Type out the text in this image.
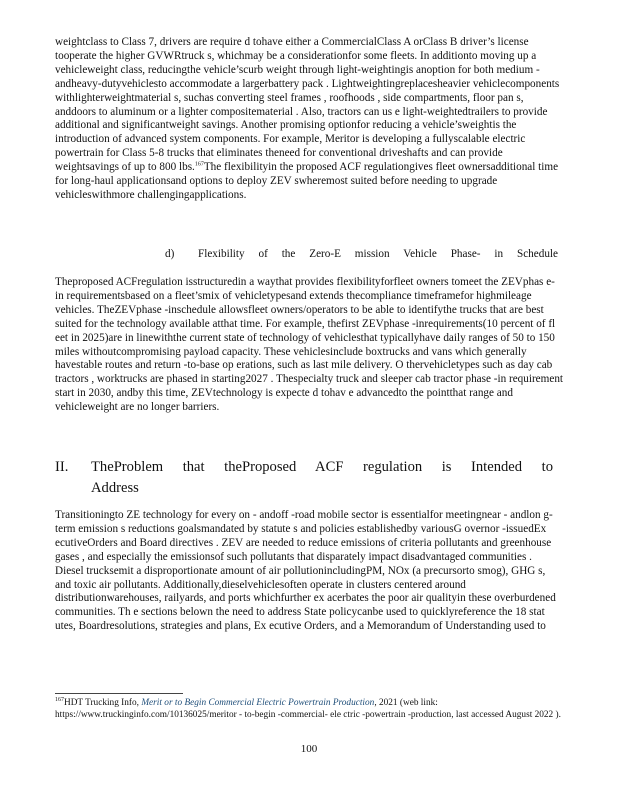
weightclass to Class 7, drivers are require d tohave either a CommercialClass A orClass B driver’s license tooperate the higher GVWRtruck s, whichmay be a considerationfor some fleets. In additionto moving up a vehicleweight class, reducingthe vehicle’scurb weight through light-weightingis anoption for both medium - andheavy-dutyvehiclesto accommodate a largerbattery pack . Lightweightingreplacesheavier vehiclecomponents withlighterweightmaterial s, suchas converting steel frames , roofhoods , side compartments, floor pan s, anddoors to aluminum or a lighter compositematerial . Also, tractors can us e light-weightedtrailers to provide additional and significantweight savings. Another promising optionfor reducing a vehicle’sweightis the introduction of advanced system components. For example, Meritor is developing a fullyscalable electric powertrain for Class 5-8 trucks that eliminates theneed for conventional driveshafts and can provide weightsavings of up to 800 lbs.$^{167}$The flexibilityin the proposed ACF regulationgives fleet ownersadditional time for long-haul applicationsand options to deploy ZEV swheremost suited before needing to upgrade vehicleswithmore challengingapplications.

d) Flexibility of the Zero-E mission Vehicle Phase- in Schedule

Theproposed ACFregulation isstructuredin a waythat provides flexibilityforfleet owners tomeet the ZEVphas e-in requirementsbased on a fleet’smix of vehicletypesand extends thecompliance timeframefor highmileage vehicles. TheZEVphase -inschedule allowsfleet owners/operators to be able to identifythe trucks that are best suited for the technology available atthat time. For example, thefirst ZEVphase -inrequirements(10 percent of fl eet in 2025)are in linewiththe current state of technology of vehiclesthat typicallyhave daily ranges of 50 to 150 miles withoutcompromising payload capacity. These vehiclesinclude boxtrucks and vans which generally havestable routes and return -to-base op erations, such as last mile delivery. O thervehicletypes such as day cab tractors , worktrucks are phased in starting2027 . Thespecialty truck and sleeper cab tractor phase -in requirement start in 2030, andby this time, ZEVtechnology is expecte d tohav e advancedto the pointthat range and vehicleweight are no longer barriers.

II. TheProblem that theProposed ACF regulation is Intended to
Address

Transitioningto ZE technology for every on - andoff -road mobile sector is essentialfor meetingnear - andlon g-term emission s reductions goalsmandated by statute s and policies establishedby variousG overnor -issuedEx ecutiveOrders and Board directives . ZEV are needed to reduce emissions of criteria pollutants and greenhouse gases , and especially the emissionsof such pollutants that disparately impact disadvantaged communities . Diesel trucksemit a disproportionate amount of air pollutionincludingPM, NOx (a precursorto smog), GHG s, and toxic air pollutants. Additionally,dieselvehiclesoften operate in clusters centered around distributionwarehouses, railyards, and ports whichfurther ex acerbates the poor air qualityin these overburdened communities. Th e sections belown the need to address State policycanbe used to quicklyreference the 18 stat utes, Boardresolutions, strategies and plans, Ex ecutive Orders, and a Memorandum of Understanding used to

$^{167}$HDT Trucking Info, Merit or to Begin Commercial Electric Powertrain Production, 2021 (web link: https://www.truckinginfo.com/10136025/meritor - to-begin -commercial- ele ctric -powertrain -production, last accessed August 2022 ).

100
